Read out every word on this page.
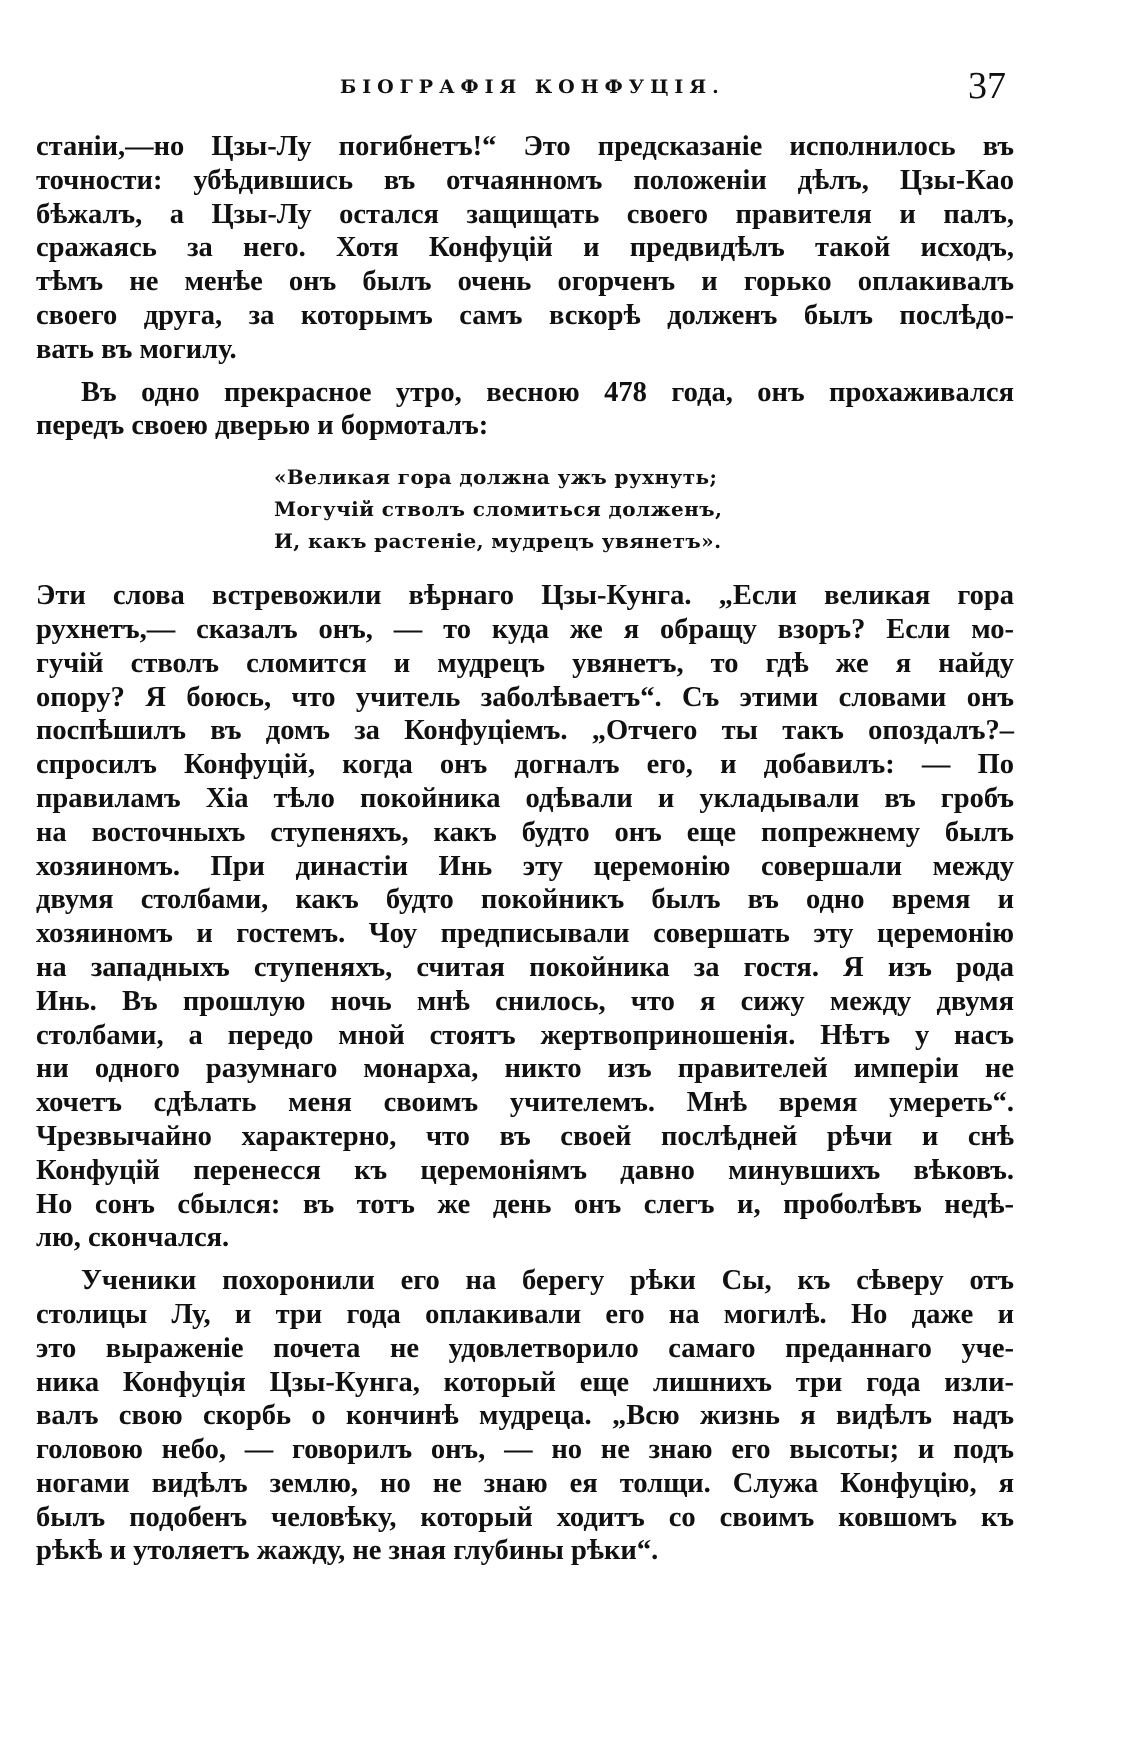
БІОГРАФІЯ КОНФУЦІЯ.	37
станіи,—но Цзы-Лу погибнетъ!“ Это предсказаніе исполнилось въ
точности: убѣдившись въ отчаянномъ положеніи дѣлъ, Цзы-Као
бѣжалъ, а Цзы-Лу остался защищать своего правителя и палъ,
сражаясь за него. Хотя Конфуцій и предвидѣлъ такой исходъ,
тѣмъ не менѣе онъ былъ очень огорченъ и горько оплакивалъ
своего друга, за которымъ самъ вскорѣ долженъ былъ послѣдо-
вать въ могилу.
Въ одно прекрасное утро, весною 478 года, онъ прохаживался
передъ своею дверью и бормоталъ:
«Великая гора должна ужъ рухнуть;
Могучій стволъ сломиться долженъ,
И, какъ растеніе, мудрецъ увянетъ».
Эти слова встревожили вѣрнаго Цзы-Кунга. „Если великая гора
рухнетъ,— сказалъ онъ, — то куда же я обращу взоръ? Если мо-
гучій стволъ сломится и мудрецъ увянетъ, то гдѣ же я найду
опору? Я боюсь, что учитель заболѣваетъ“. Съ этими словами онъ
поспѣшилъ въ домъ за Конфуціемъ. „Отчего ты такъ опоздалъ?–
спросилъ Конфуцій, когда онъ догналъ его, и добавилъ: — По
правиламъ Хіа тѣло покойника одѣвали и укладывали въ гробъ
на восточныхъ ступеняхъ, какъ будто онъ еще попрежнему былъ
хозяиномъ. При династіи Инь эту церемонію совершали между
двумя столбами, какъ будто покойникъ былъ въ одно время и
хозяиномъ и гостемъ. Чоу предписывали совершать эту церемонію
на западныхъ ступеняхъ, считая покойника за гостя. Я изъ рода
Инь. Въ прошлую ночь мнѣ снилось, что я сижу между двумя
столбами, а передо мной стоятъ жертвоприношенія. Нѣтъ у насъ
ни одного разумнаго монарха, никто изъ правителей имперіи не
хочетъ сдѣлать меня своимъ учителемъ. Мнѣ время умереть“.
Чрезвычайно характерно, что въ своей послѣдней рѣчи и снѣ
Конфуцій перенесся къ церемоніямъ давно минувшихъ вѣковъ.
Но сонъ сбылся: въ тотъ же день онъ слегъ и, проболѣвъ недѣ-
лю, скончался.
Ученики похоронили его на берегу рѣки Сы, къ сѣверу отъ
столицы Лу, и три года оплакивали его на могилѣ. Но даже и
это выраженіе почета не удовлетворило самаго преданнаго уче-
ника Конфуція Цзы-Кунга, который еще лишнихъ три года изли-
валъ свою скорбь о кончинѣ мудреца. „Всю жизнь я видѣлъ надъ
головою небо, — говорилъ онъ, — но не знаю его высоты; и подъ
ногами видѣлъ землю, но не знаю ея толщи. Служа Конфуцію, я
былъ подобенъ человѣку, который ходитъ со своимъ ковшомъ къ
рѣкѣ и утоляетъ жажду, не зная глубины рѣки“.
